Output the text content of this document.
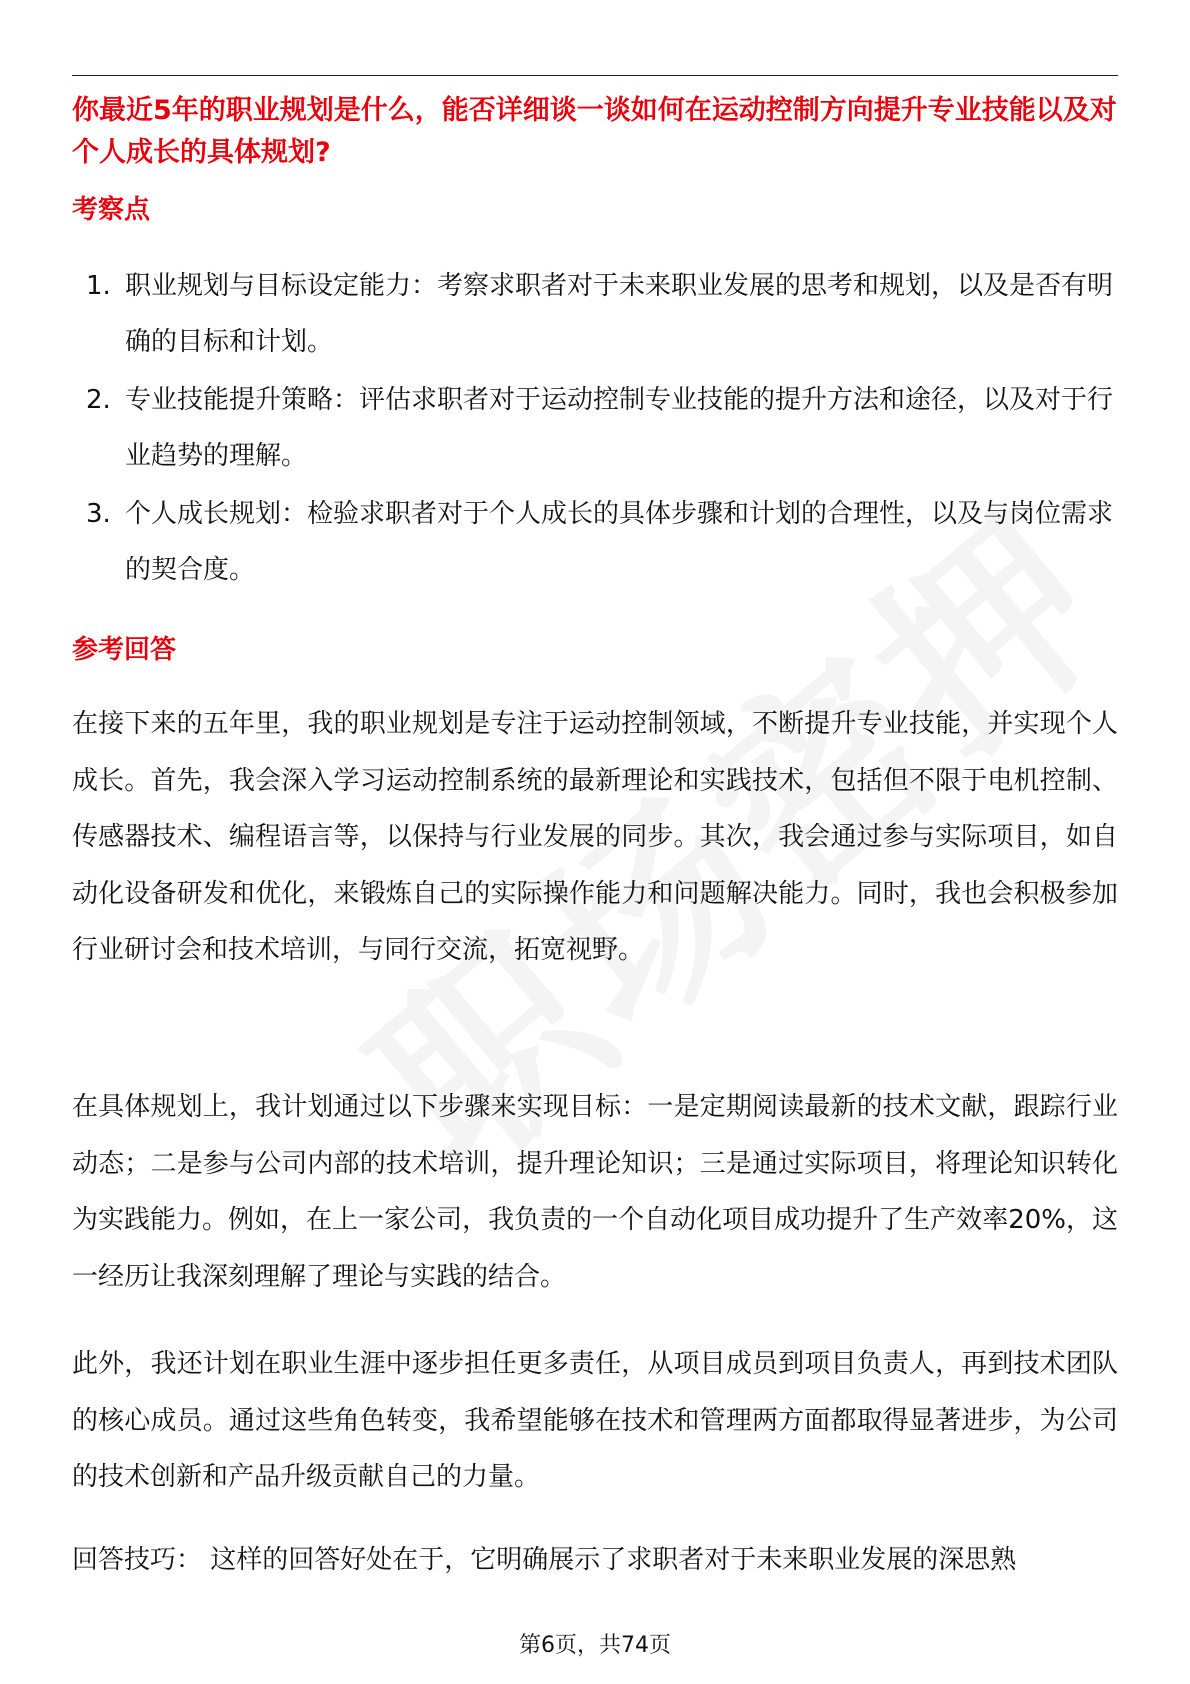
你最近5年的职业规划是什么，能否详细谈一谈如何在运动控制方向提升专业技能以及对个人成长的具体规划?
考察点
1. 职业规划与目标设定能力：考察求职者对于未来职业发展的思考和规划，以及是否有明确的目标和计划。
2. 专业技能提升策略：评估求职者对于运动控制专业技能的提升方法和途径，以及对于行业趋势的理解。
3. 个人成长规划：检验求职者对于个人成长的具体步骤和计划的合理性，以及与岗位需求的契合度。
参考回答

在接下来的五年里，我的职业规划是专注于运动控制领域，不断提升专业技能，并实现个人成长。首先，我会深入学习运动控制系统的最新理论和实践技术，包括但不限于电机控制、传感器技术、编程语言等，以保持与行业发展的同步。其次，我会通过参与实际项目，如自动化设备研发和优化，来锻炼自己的实际操作能力和问题解决能力。同时，我也会积极参加行业研讨会和技术培训，与同行交流，拓宽视野。

在具体规划上，我计划通过以下步骤来实现目标：一是定期阅读最新的技术文献，跟踪行业动态；二是参与公司内部的技术培训，提升理论知识；三是通过实际项目，将理论知识转化为实践能力。例如，在上一家公司，我负责的一个自动化项目成功提升了生产效率20%，这一经历让我深刻理解了理论与实践的结合。

此外，我还计划在职业生涯中逐步担任更多责任，从项目成员到项目负责人，再到技术团队的核心成员。通过这些角色转变，我希望能够在技术和管理两方面都取得显著进步，为公司的技术创新和产品升级贡献自己的力量。

回答技巧： 这样的回答好处在于，它明确展示了求职者对于未来职业发展的深思熟

第6页，共74页
